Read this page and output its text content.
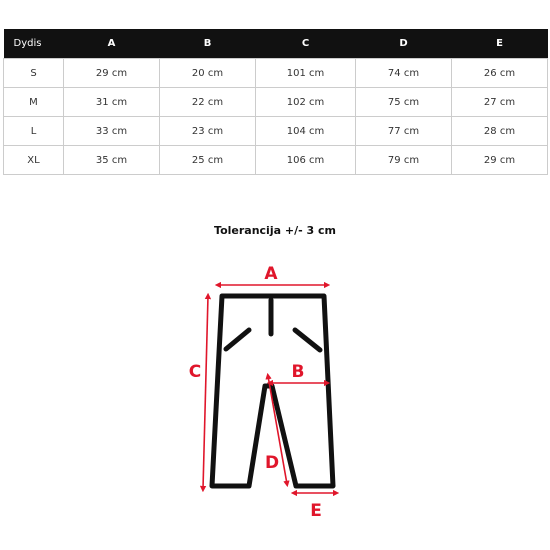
Dydis	A	B	C	D	E
S	29 cm	20 cm	101 cm	74 cm	26 cm
M	31 cm	22 cm	102 cm	75 cm	27 cm
L	33 cm	23 cm	104 cm	77 cm	28 cm
XL	35 cm	25 cm	106 cm	79 cm	29 cm
Tolerancija +/- 3 cm
A
B
C
D
E
